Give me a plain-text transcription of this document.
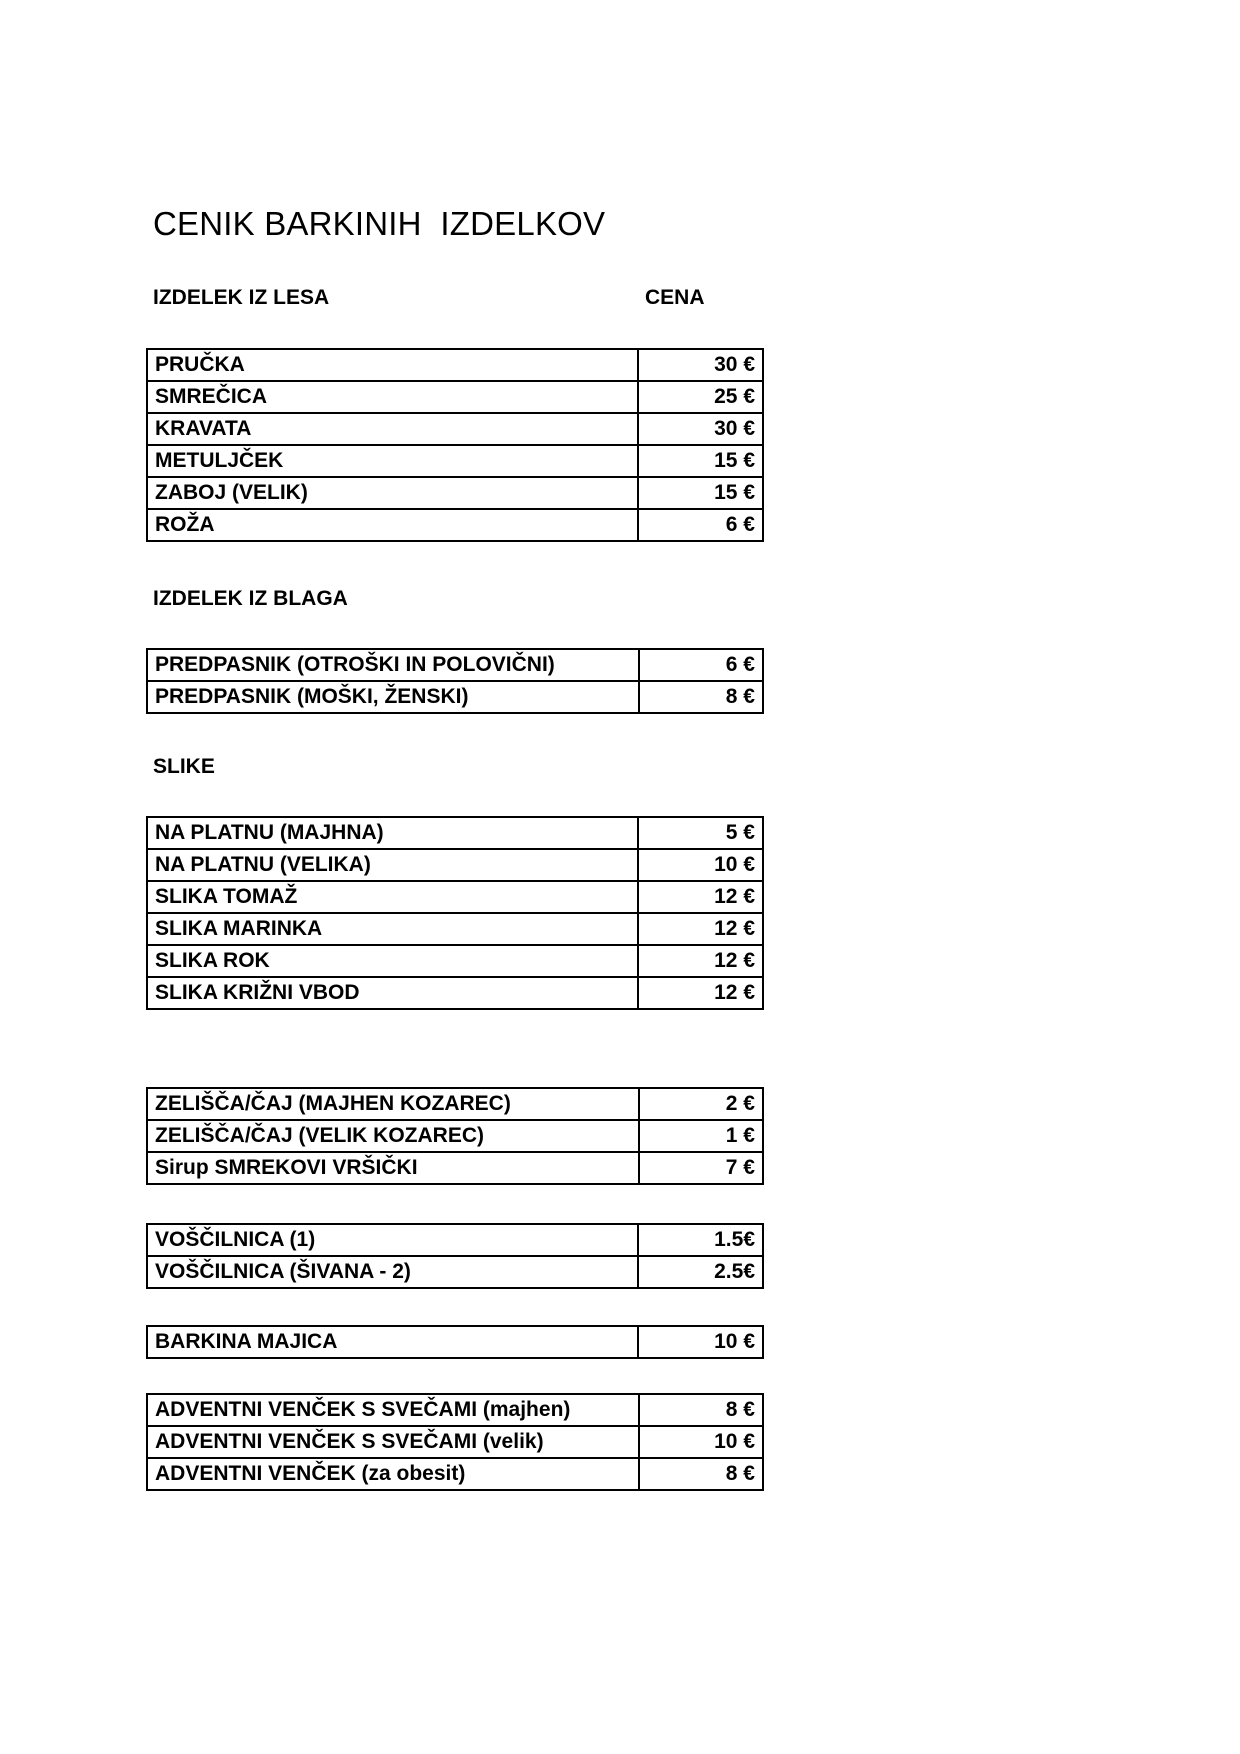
CENIK BARKINIH  IZDELKOV
IZDELEK IZ LESA	CENA
PRUČKA	30 €
SMREČICA	25 €
KRAVATA	30 €
METULJČEK	15 €
ZABOJ (VELIK)	15 €
ROŽA	6 €
IZDELEK IZ BLAGA
PREDPASNIK (OTROŠKI IN POLOVIČNI)	6 €
PREDPASNIK (MOŠKI, ŽENSKI)	8 €
SLIKE
NA PLATNU (MAJHNA)	5 €
NA PLATNU (VELIKA)	10 €
SLIKA TOMAŽ	12 €
SLIKA MARINKA	12 €
SLIKA ROK	12 €
SLIKA KRIŽNI VBOD	12 €
ZELIŠČA/ČAJ (MAJHEN KOZAREC)	2 €
ZELIŠČA/ČAJ (VELIK KOZAREC)	1 €
Sirup SMREKOVI VRŠIČKI	7 €
VOŠČILNICA (1)	1.5€
VOŠČILNICA (ŠIVANA - 2)	2.5€
BARKINA MAJICA	10 €
ADVENTNI VENČEK S SVEČAMI (majhen)	8 €
ADVENTNI VENČEK S SVEČAMI (velik)	10 €
ADVENTNI VENČEK (za obesit)	8 €
